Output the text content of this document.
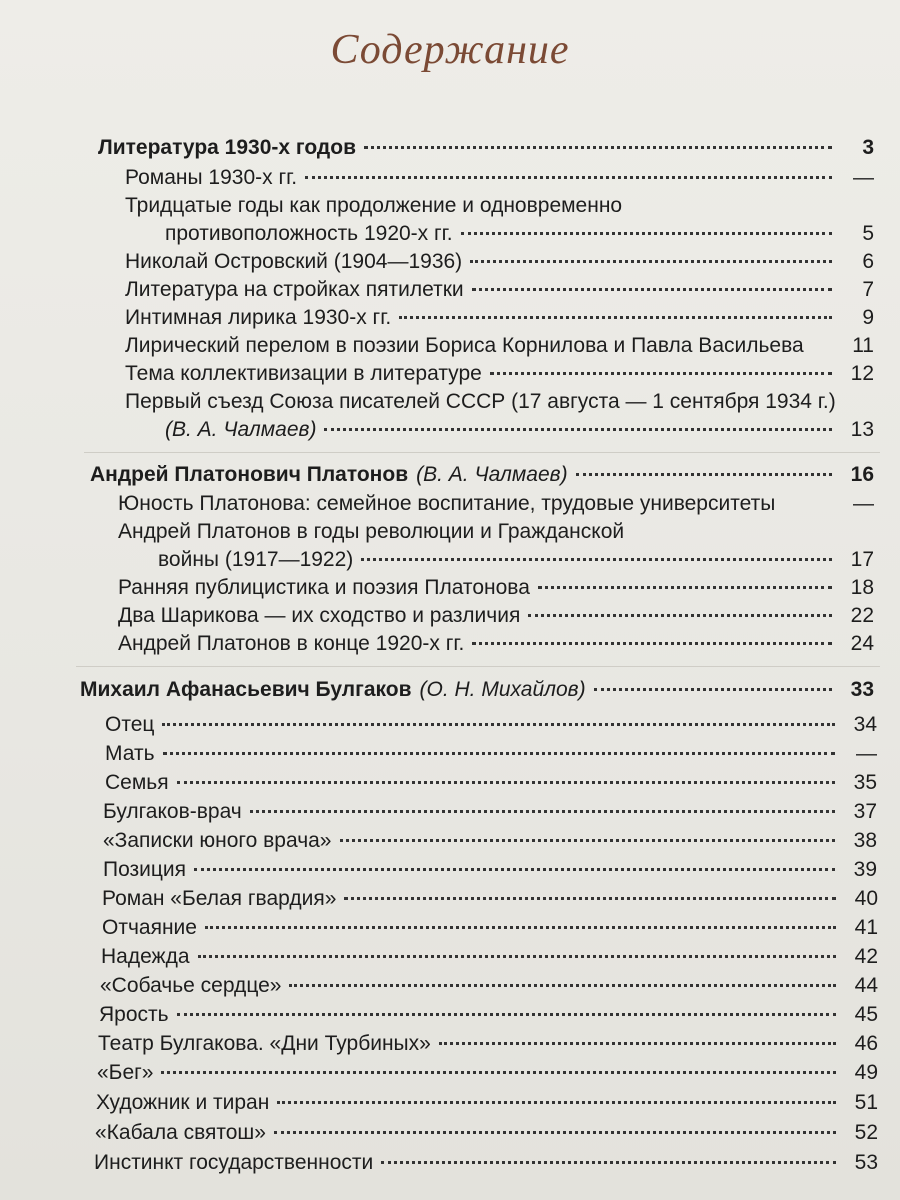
Содержание
Литература 1930-х годов	3
Романы 1930-х гг.	—
Тридцатые годы как продолжение и одновременно
противоположность 1920-х гг.	5
Николай Островский (1904—1936)	6
Литература на стройках пятилетки	7
Интимная лирика 1930-х гг.	9
Лирический перелом в поэзии Бориса Корнилова и Павла Васильева	11
Тема коллективизации в литературе	12
Первый съезд Союза писателей СССР (17 августа — 1 сентября 1934 г.)
(В. А. Чалмаев)	13
Андрей Платонович Платонов (В. А. Чалмаев)	16
Юность Платонова: семейное воспитание, трудовые университеты	—
Андрей Платонов в годы революции и Гражданской
войны (1917—1922)	17
Ранняя публицистика и поэзия Платонова	18
Два Шарикова — их сходство и различия	22
Андрей Платонов в конце 1920-х гг.	24
Михаил Афанасьевич Булгаков (О. Н. Михайлов)	33
Отец	34
Мать	—
Семья	35
Булгаков-врач	37
«Записки юного врача»	38
Позиция	39
Роман «Белая гвардия»	40
Отчаяние	41
Надежда	42
«Собачье сердце»	44
Ярость	45
Театр Булгакова. «Дни Турбиных»	46
«Бег»	49
Художник и тиран	51
«Кабала святош»	52
Инстинкт государственности	53
